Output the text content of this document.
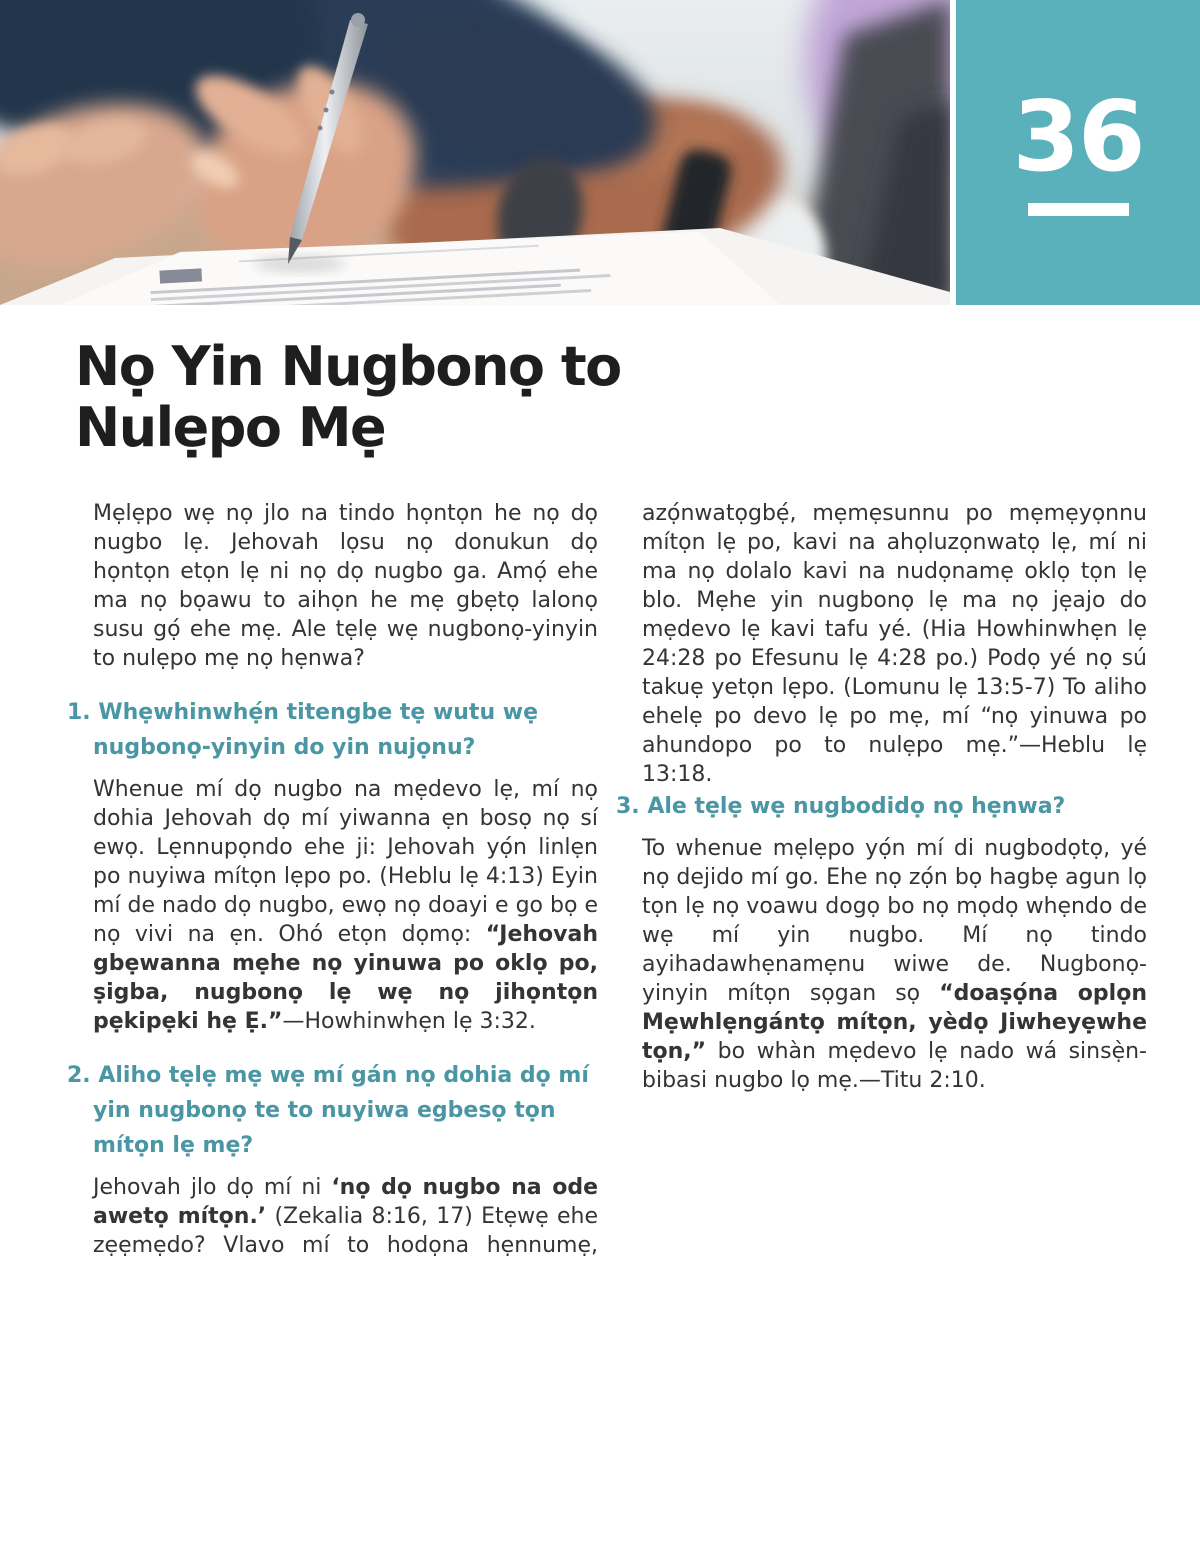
36
Nọ Yin Nugbonọ to
Nulẹpo Mẹ

Mẹlẹpo wẹ nọ jlo na tindo họntọn he nọ dọ nugbo lẹ. Jehovah lọsu nọ donukun dọ họntọn etọn lẹ ni nọ dọ nugbo ga. Amọ́ ehe ma nọ bọawu to aihọn he mẹ gbẹtọ lalonọ susu gọ́ ehe mẹ. Ale tẹlẹ wẹ nugbonọ-yinyin to nulẹpo mẹ nọ hẹnwa?

1. Whẹwhinwhẹ́n titengbe tẹ wutu wẹ nugbonọ-yinyin do yin nujọnu?

Whenue mí dọ nugbo na mẹdevo lẹ, mí nọ dohia Jehovah dọ mí yiwanna ẹn bosọ nọ sí ewọ. Lẹnnupọndo ehe ji: Jehovah yọ́n linlẹn po nuyiwa mítọn lẹpo po. (Heblu lẹ 4:13) Eyin mí de nado dọ nugbo, ewọ nọ doayi e go bọ e nọ vivi na ẹn. Ohó etọn dọmọ: “Jehovah gbẹwanna mẹhe nọ yinuwa po oklọ po, ṣigba, nugbonọ lẹ wẹ nọ jihọntọn pẹkipẹki hẹ Ẹ.”—Howhinwhẹn lẹ 3:32.

2. Aliho tẹlẹ mẹ wẹ mí gán nọ dohia dọ mí yin nugbonọ te to nuyiwa egbesọ tọn mítọn lẹ mẹ?

Jehovah jlo dọ mí ni ‘nọ dọ nugbo na ode awetọ mítọn.’ (Zekalia 8:16, 17) Etẹwẹ ehe zẹẹmẹdo? Vlavo mí to hodọna hẹnnumẹ, azọ́nwatọgbẹ́, mẹmẹsunnu po mẹmẹyọnnu mítọn lẹ po, kavi na ahọluzọnwatọ lẹ, mí ni ma nọ dolalo kavi na nudọnamẹ oklọ tọn lẹ blo. Mẹhe yin nugbonọ lẹ ma nọ jẹajo do mẹdevo lẹ kavi tafu yé. (Hia Howhinwhẹn lẹ 24:28 po Efesunu lẹ 4:28 po.) Podọ yé nọ sú takuẹ yetọn lẹpo. (Lomunu lẹ 13:5-7) To aliho ehelẹ po devo lẹ po mẹ, mí “nọ yinuwa po ahundopo po to nulẹpo mẹ.”—Heblu lẹ 13:18.

3. Ale tẹlẹ wẹ nugbodidọ nọ hẹnwa?

To whenue mẹlẹpo yọ́n mí di nugbodọtọ, yé nọ dejido mí go. Ehe nọ zọ́n bọ hagbẹ agun lọ tọn lẹ nọ voawu dogọ bo nọ mọdọ whẹndo de wẹ mí yin nugbo. Mí nọ tindo ayihadawhẹnamẹnu wiwe de. Nugbonọ-yinyin mítọn sọgan sọ “doaṣọ́na oplọn Mẹwhlẹngántọ mítọn, yèdọ Jiwheyẹwhe tọn,” bo whàn mẹdevo lẹ nado wá sinsẹ̀n-bibasi nugbo lọ mẹ.—Titu 2:10.
